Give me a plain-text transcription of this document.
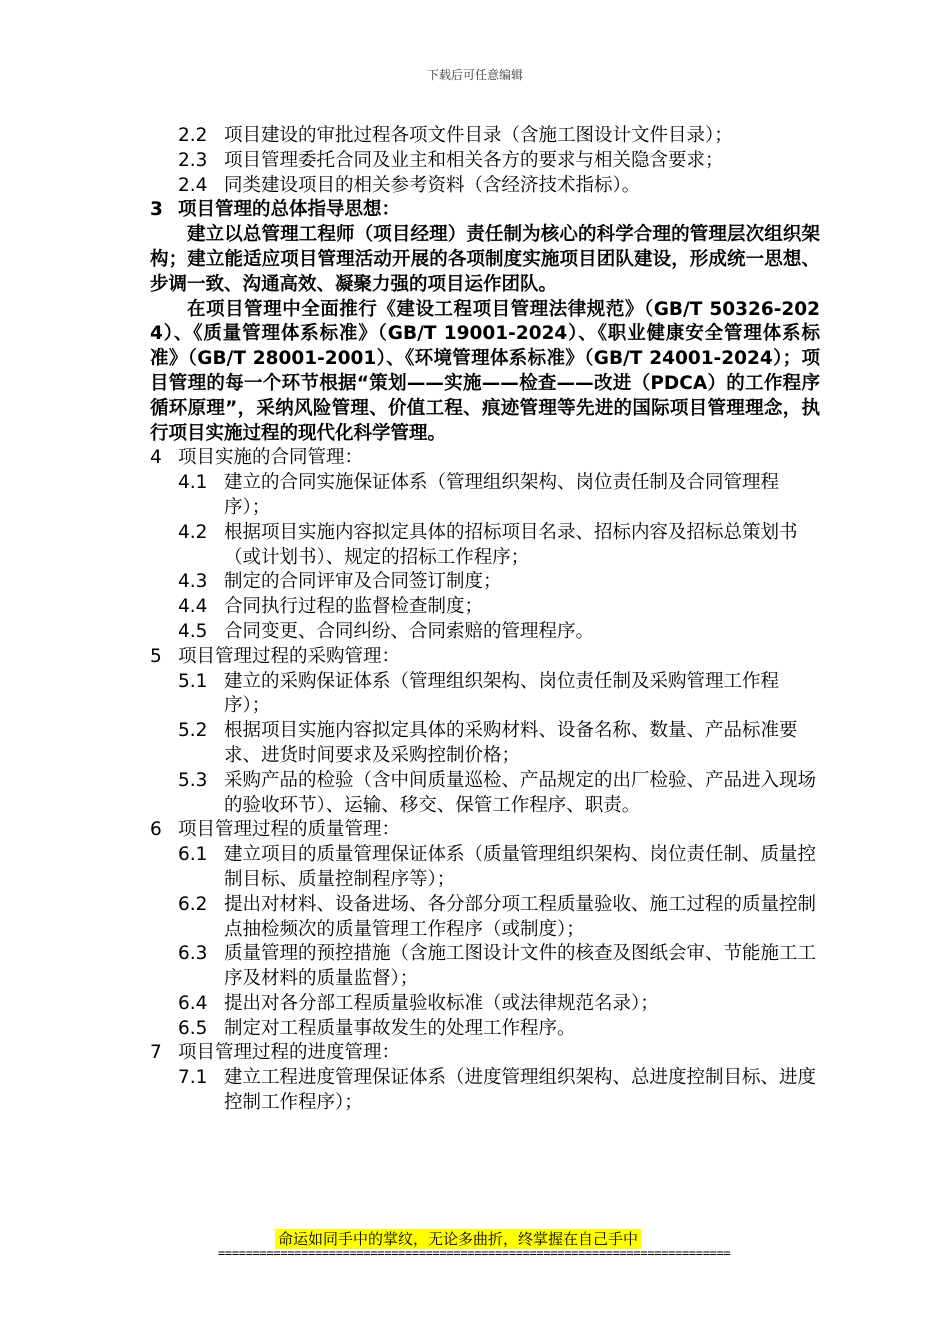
下载后可任意编辑
2.2 项目建设的审批过程各项文件目录（含施工图设计文件目录）；
2.3 项目管理委托合同及业主和相关各方的要求与相关隐含要求；
2.4 同类建设项目的相关参考资料（含经济技术指标）。
3 项目管理的总体指导思想：
建立以总管理工程师（项目经理）责任制为核心的科学合理的管理层次组织架构；建立能适应项目管理活动开展的各项制度实施项目团队建设，形成统一思想、步调一致、沟通高效、凝聚力强的项目运作团队。
在项目管理中全面推行《建设工程项目管理法律规范》（GB/T 50326-2024）、《质量管理体系标准》（GB/T 19001-2024）、《职业健康安全管理体系标准》（GB/T 28001-2001）、《环境管理体系标准》（GB/T 24001-2024）；项目管理的每一个环节根据“策划——实施——检查——改进（PDCA）的工作程序循环原理”，采纳风险管理、价值工程、痕迹管理等先进的国际项目管理理念，执行项目实施过程的现代化科学管理。
4 项目实施的合同管理：
4.1 建立的合同实施保证体系（管理组织架构、岗位责任制及合同管理程序）；
4.2 根据项目实施内容拟定具体的招标项目名录、招标内容及招标总策划书（或计划书）、规定的招标工作程序；
4.3 制定的合同评审及合同签订制度；
4.4 合同执行过程的监督检查制度；
4.5 合同变更、合同纠纷、合同索赔的管理程序。
5 项目管理过程的采购管理：
5.1 建立的采购保证体系（管理组织架构、岗位责任制及采购管理工作程序）；
5.2 根据项目实施内容拟定具体的采购材料、设备名称、数量、产品标准要求、进货时间要求及采购控制价格；
5.3 采购产品的检验（含中间质量巡检、产品规定的出厂检验、产品进入现场的验收环节）、运输、移交、保管工作程序、职责。
6 项目管理过程的质量管理：
6.1 建立项目的质量管理保证体系（质量管理组织架构、岗位责任制、质量控制目标、质量控制程序等）；
6.2 提出对材料、设备进场、各分部分项工程质量验收、施工过程的质量控制点抽检频次的质量管理工作程序（或制度）；
6.3 质量管理的预控措施（含施工图设计文件的核查及图纸会审、节能施工工序及材料的质量监督）；
6.4 提出对各分部工程质量验收标准（或法律规范名录）；
6.5 制定对工程质量事故发生的处理工作程序。
7 项目管理过程的进度管理：
7.1 建立工程进度管理保证体系（进度管理组织架构、总进度控制目标、进度控制工作程序）；
命运如同手中的掌纹，无论多曲折，终掌握在自己手中
==========================================================================
